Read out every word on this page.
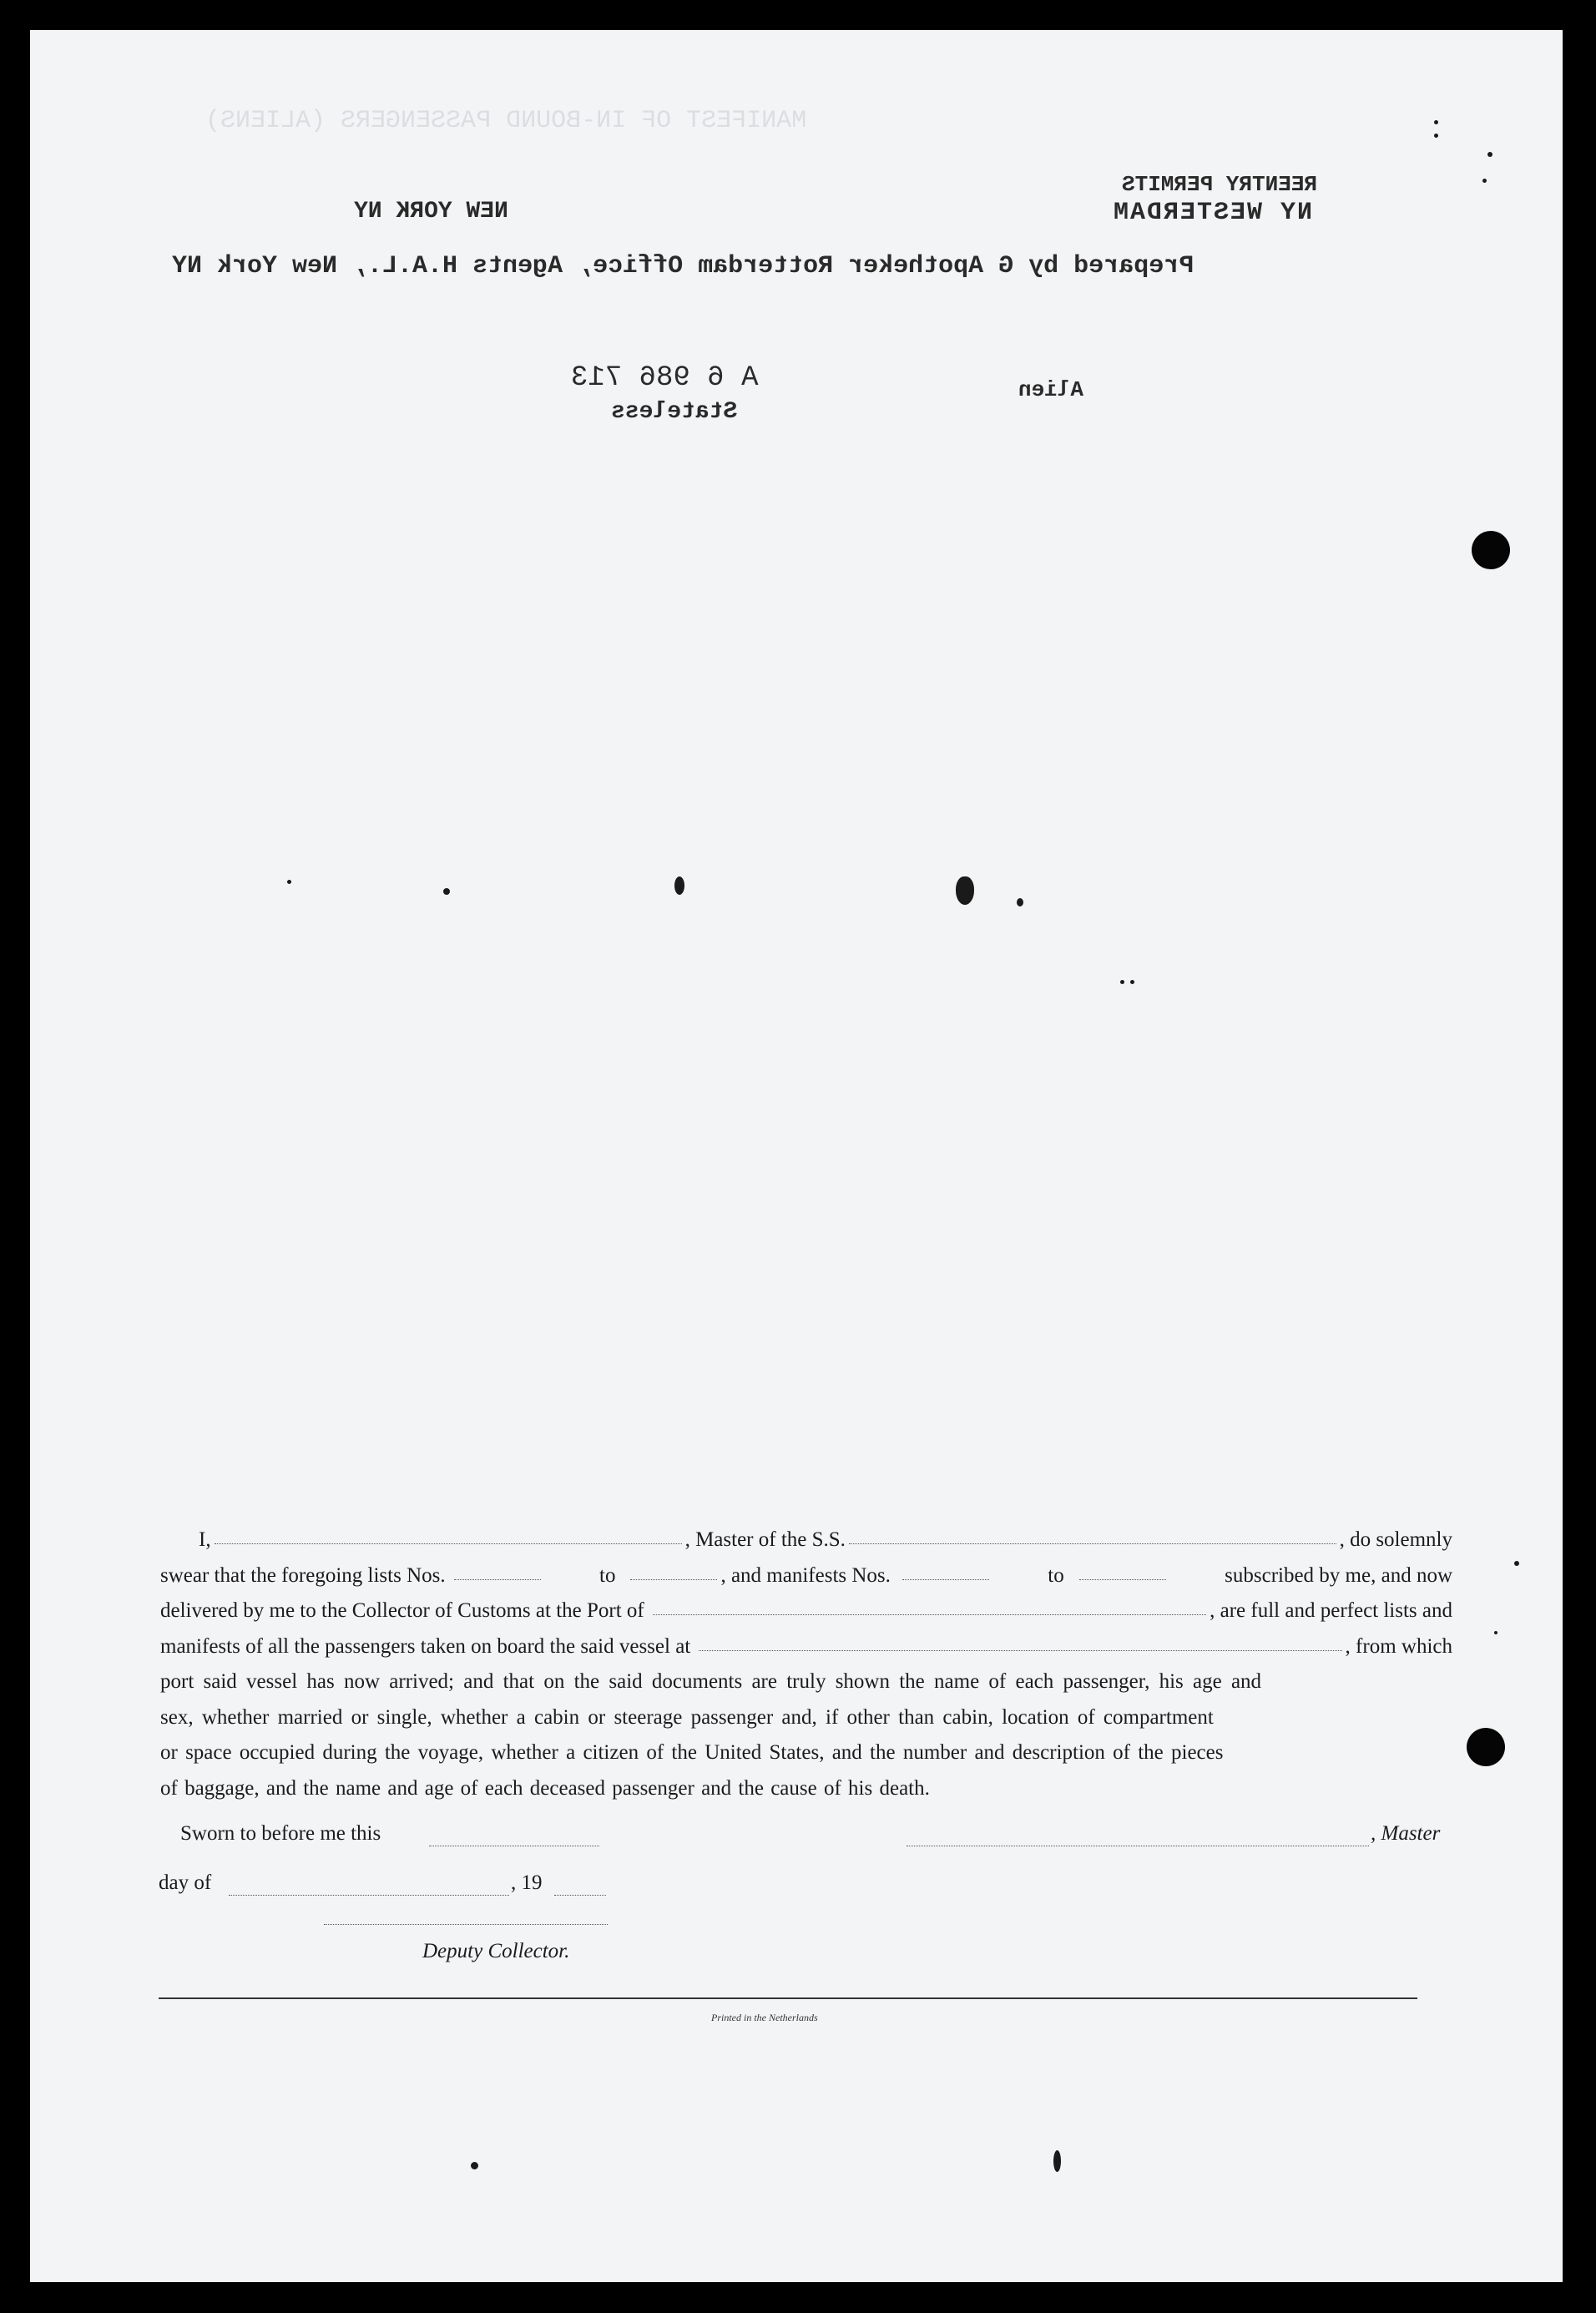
MANIFEST OF IN-BOUND PASSENGERS (ALIENS)
REENTRY PERMITS
NY WESTERDAM
NEW YORK NY
Prepared by G Apotheker Rotterdam Office, Agents H.A.L., New York NY
Alien
A 6 986 713
Stateless
I,	, Master of the S.S.	, do solemnly
swear that the foregoing lists Nos.	to	, and manifests Nos.	to	subscribed by me, and now
delivered by me to the Collector of Customs at the Port of	, are full and perfect lists and
manifests of all the passengers taken on board the said vessel at	, from which
port said vessel has now arrived; and that on the said documents are truly shown the name of each passenger, his age and
sex, whether married or single, whether a cabin or steerage passenger and, if other than cabin, location of compartment
or space occupied during the voyage, whether a citizen of the United States, and the number and description of the pieces
of baggage, and the name and age of each deceased passenger and the cause of his death.
Sworn to before me this	, Master
day of	, 19
Deputy Collector.
Printed in the Netherlands
